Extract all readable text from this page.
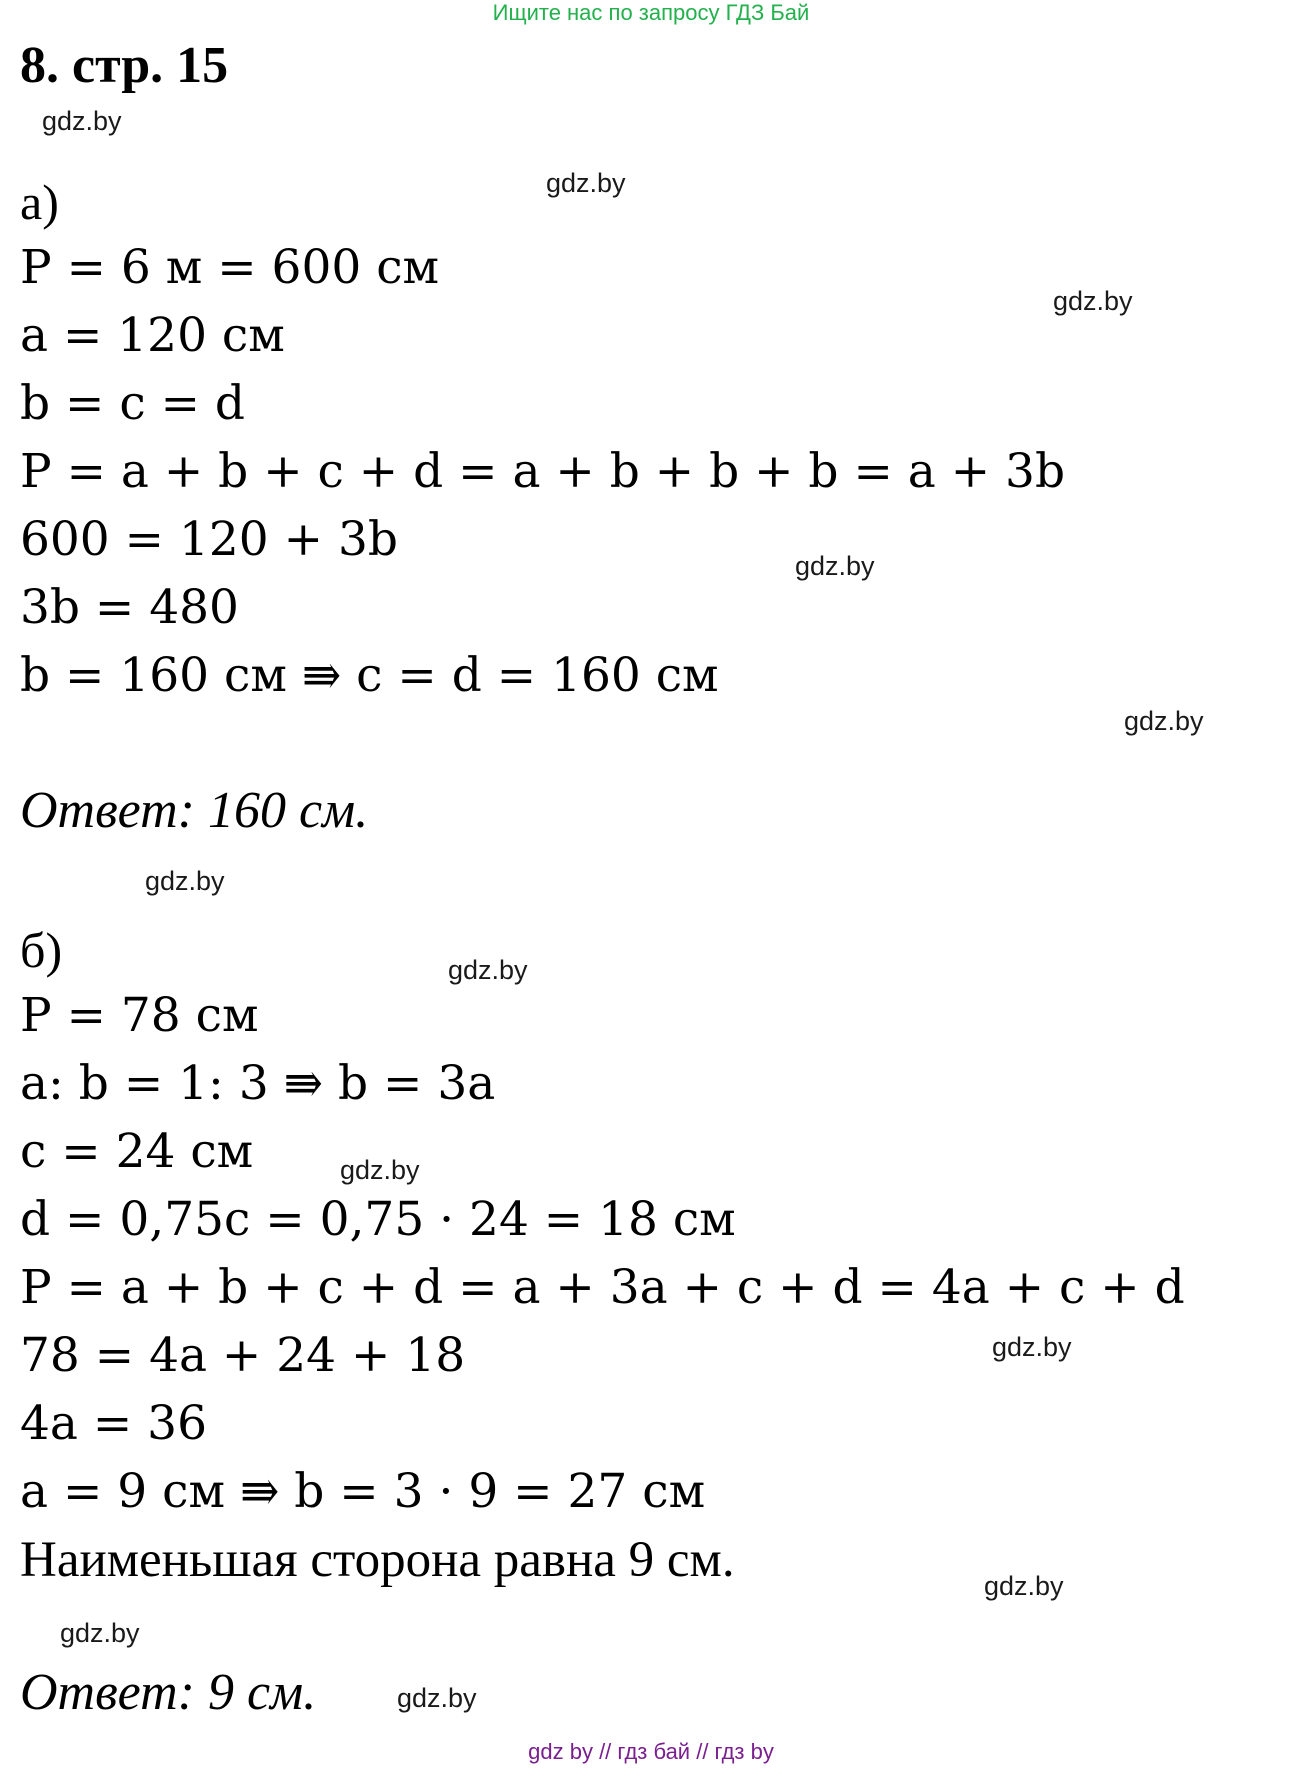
Ищите нас по запросу ГДЗ Бай
8. стр. 15
gdz.by
gdz.by
gdz.by
gdz.by
gdz.by
gdz.by
gdz.by
gdz.by
gdz.by
gdz.by
gdz.by
gdz.by
а)
P = 6 м = 600 см
a = 120 см
b = c = d
P = a + b + c + d = a + b + b + b = a + 3b
600 = 120 + 3b
3b = 480
b = 160 см ⇛ c = d = 160 см
Ответ: 160 см.
б)
P = 78 см
a: b = 1: 3 ⇛ b = 3a
c = 24 см
d = 0,75c = 0,75 · 24 = 18 см
P = a + b + c + d = a + 3a + c + d = 4a + c + d
78 = 4a + 24 + 18
4a = 36
a = 9 см ⇛ b = 3 · 9 = 27 см
Наименьшая сторона равна 9 см.
Ответ: 9 см.
gdz by // гдз бай // гдз by
